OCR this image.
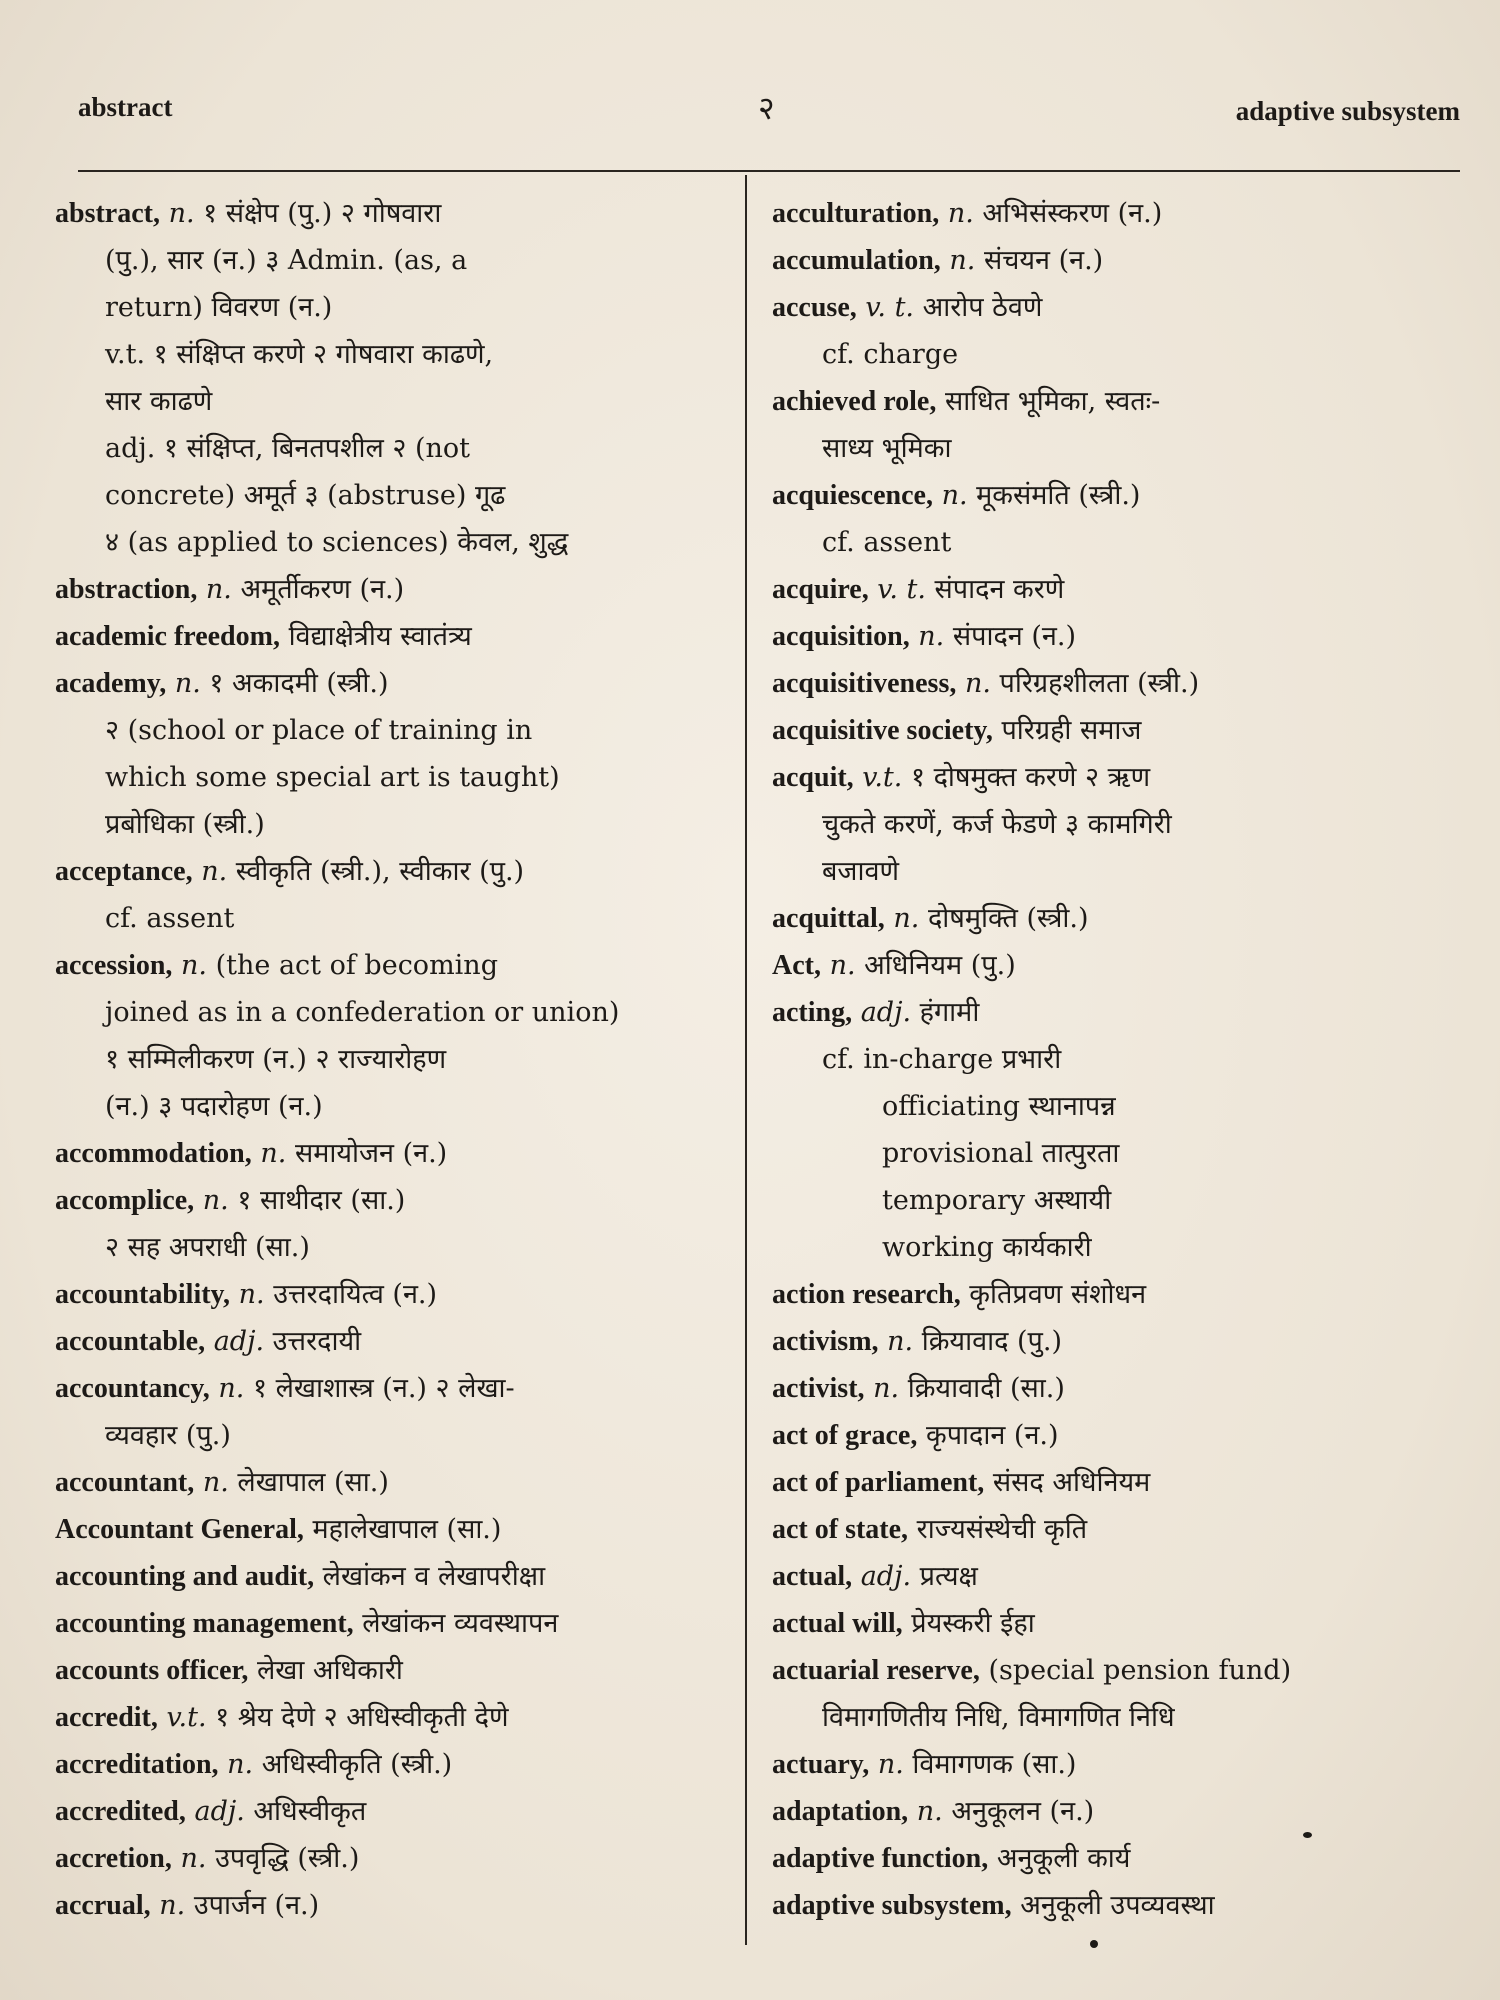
abstract	२	adaptive subsystem
abstract, n. १ संक्षेप (पु.) २ गोषवारा
(पु.), सार (न.) ३ Admin. (as, a
return) विवरण (न.)
v.t. १ संक्षिप्त करणे २ गोषवारा काढणे,
सार काढणे
adj. १ संक्षिप्त, बिनतपशील २ (not
concrete) अमूर्त ३ (abstruse) गूढ
४ (as applied to sciences) केवल, शुद्ध
abstraction, n. अमूर्तीकरण (न.)
academic freedom, विद्याक्षेत्रीय स्वातंत्र्य
academy, n. १ अकादमी (स्त्री.)
२ (school or place of training in
which some special art is taught)
प्रबोधिका (स्त्री.)
acceptance, n. स्वीकृति (स्त्री.), स्वीकार (पु.)
cf. assent
accession, n. (the act of becoming
joined as in a confederation or union)
१ सम्मिलीकरण (न.) २ राज्यारोहण
(न.) ३ पदारोहण (न.)
accommodation, n. समायोजन (न.)
accomplice, n. १ साथीदार (सा.)
२ सह अपराधी (सा.)
accountability, n. उत्तरदायित्व (न.)
accountable, adj. उत्तरदायी
accountancy, n. १ लेखाशास्त्र (न.) २ लेखा-
व्यवहार (पु.)
accountant, n. लेखापाल (सा.)
Accountant General, महालेखापाल (सा.)
accounting and audit, लेखांकन व लेखापरीक्षा
accounting management, लेखांकन व्यवस्थापन
accounts officer, लेखा अधिकारी
accredit, v.t. १ श्रेय देणे २ अधिस्वीकृती देणे
accreditation, n. अधिस्वीकृति (स्त्री.)
accredited, adj. अधिस्वीकृत
accretion, n. उपवृद्धि (स्त्री.)
accrual, n. उपार्जन (न.)
acculturation, n. अभिसंस्करण (न.)
accumulation, n. संचयन (न.)
accuse, v. t. आरोप ठेवणे
cf. charge
achieved role, साधित भूमिका, स्वतः-
साध्य भूमिका
acquiescence, n. मूकसंमति (स्त्री.)
cf. assent
acquire, v. t. संपादन करणे
acquisition, n. संपादन (न.)
acquisitiveness, n. परिग्रहशीलता (स्त्री.)
acquisitive society, परिग्रही समाज
acquit, v.t. १ दोषमुक्त करणे २ ऋण
चुकते करणें, कर्ज फेडणे ३ कामगिरी
बजावणे
acquittal, n. दोषमुक्ति (स्त्री.)
Act, n. अधिनियम (पु.)
acting, adj. हंगामी
cf. in-charge प्रभारी
officiating स्थानापन्न
provisional तात्पुरता
temporary अस्थायी
working कार्यकारी
action research, कृतिप्रवण संशोधन
activism, n. क्रियावाद (पु.)
activist, n. क्रियावादी (सा.)
act of grace, कृपादान (न.)
act of parliament, संसद अधिनियम
act of state, राज्यसंस्थेची कृति
actual, adj. प्रत्यक्ष
actual will, प्रेयस्करी ईहा
actuarial reserve, (special pension fund)
विमागणितीय निधि, विमागणित निधि
actuary, n. विमागणक (सा.)
adaptation, n. अनुकूलन (न.)
adaptive function, अनुकूली कार्य
adaptive subsystem, अनुकूली उपव्यवस्था
